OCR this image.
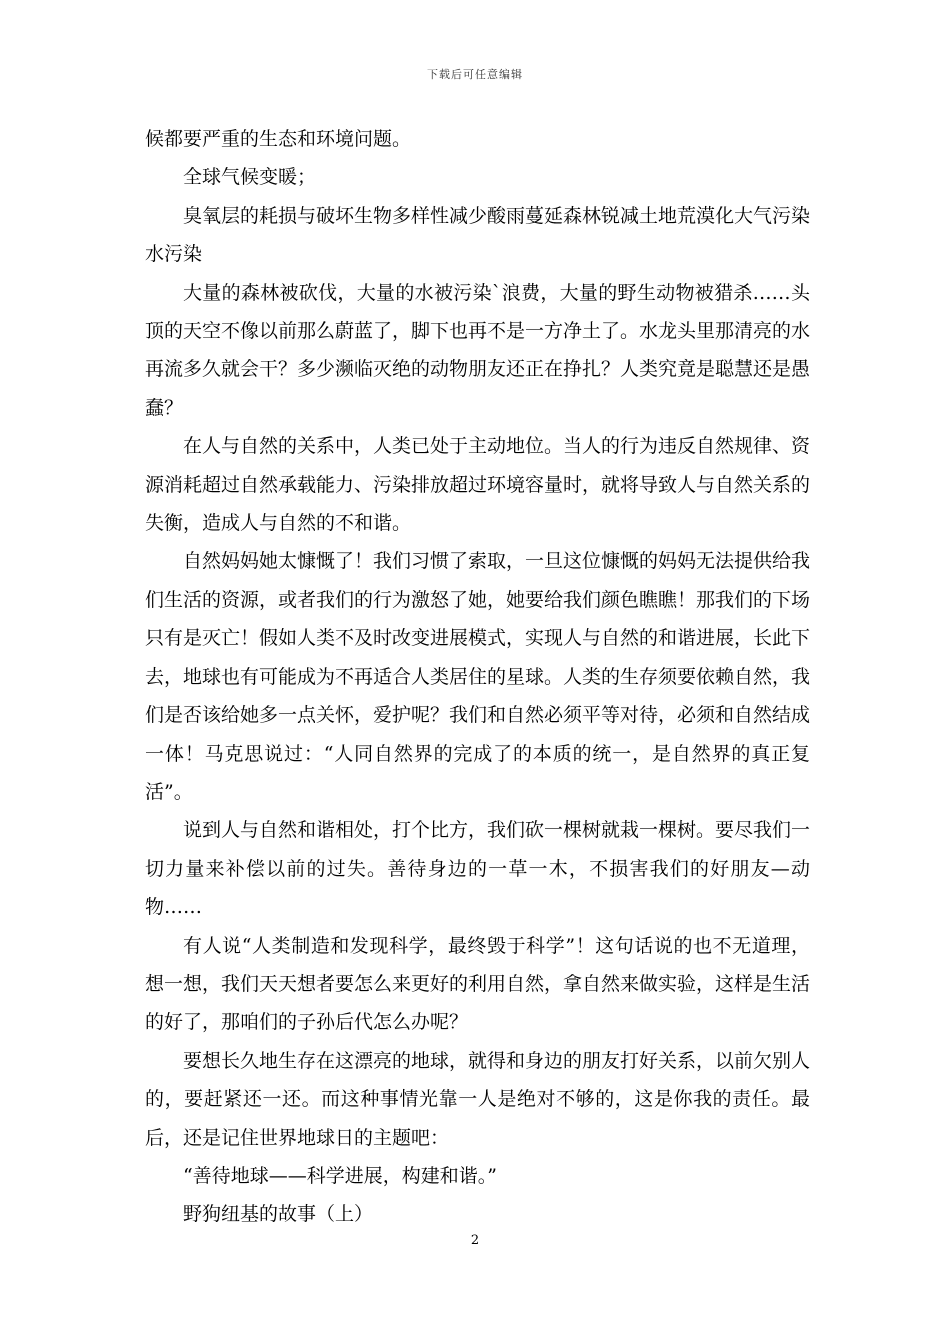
下载后可任意编辑

候都要严重的生态和环境问题。

全球气候变暖；

臭氧层的耗损与破坏生物多样性减少酸雨蔓延森林锐减土地荒漠化大气污染水污染

大量的森林被砍伐，大量的水被污染`浪费，大量的野生动物被猎杀……头顶的天空不像以前那么蔚蓝了，脚下也再不是一方净土了。水龙头里那清亮的水再流多久就会干？多少濒临灭绝的动物朋友还正在挣扎？人类究竟是聪慧还是愚蠢？

在人与自然的关系中，人类已处于主动地位。当人的行为违反自然规律、资源消耗超过自然承载能力、污染排放超过环境容量时，就将导致人与自然关系的失衡，造成人与自然的不和谐。

自然妈妈她太慷慨了！我们习惯了索取，一旦这位慷慨的妈妈无法提供给我们生活的资源，或者我们的行为激怒了她，她要给我们颜色瞧瞧！那我们的下场只有是灭亡！假如人类不及时改变进展模式，实现人与自然的和谐进展，长此下去，地球也有可能成为不再适合人类居住的星球。人类的生存须要依赖自然，我们是否该给她多一点关怀，爱护呢？我们和自然必须平等对待，必须和自然结成一体！马克思说过：“人同自然界的完成了的本质的统一，是自然界的真正复活”。

说到人与自然和谐相处，打个比方，我们砍一棵树就栽一棵树。要尽我们一切力量来补偿以前的过失。善待身边的一草一木，不损害我们的好朋友—动物……

有人说“人类制造和发现科学，最终毁于科学”！这句话说的也不无道理，想一想，我们天天想者要怎么来更好的利用自然，拿自然来做实验，这样是生活的好了，那咱们的子孙后代怎么办呢？

要想长久地生存在这漂亮的地球，就得和身边的朋友打好关系，以前欠别人的，要赶紧还一还。而这种事情光靠一人是绝对不够的，这是你我的责任。最后，还是记住世界地球日的主题吧：

“善待地球——科学进展，构建和谐。”

野狗纽基的故事（上）

2
